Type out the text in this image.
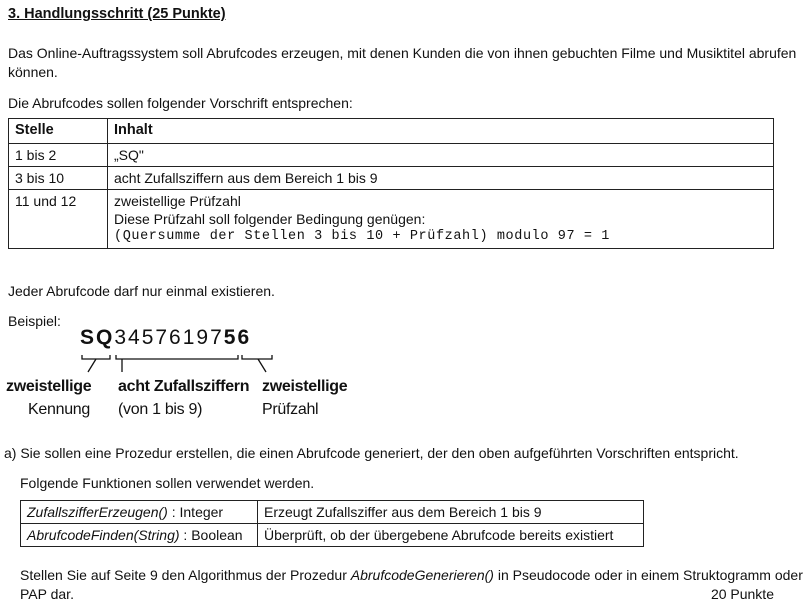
3. Handlungsschritt (25 Punkte)
Das Online-Auftragssystem soll Abrufcodes erzeugen, mit denen Kunden die von ihnen gebuchten Filme und Musiktitel abrufen
können.
Die Abrufcodes sollen folgender Vorschrift entsprechen:
Stelle	Inhalt
1 bis 2	„SQ"
3 bis 10	acht Zufallsziffern aus dem Bereich 1 bis 9
11 und 12	zweistellige Prüfzahl
Diese Prüfzahl soll folgender Bedingung genügen:
(Quersumme der Stellen 3 bis 10 + Prüfzahl) modulo 97 = 1
Jeder Abrufcode darf nur einmal existieren.
Beispiel:
SQ3457619756
zweistellige
Kennung
acht Zufallsziffern
(von 1 bis 9)
zweistellige
Prüfzahl
a) Sie sollen eine Prozedur erstellen, die einen Abrufcode generiert, der den oben aufgeführten Vorschriften entspricht.
Folgende Funktionen sollen verwendet werden.
ZufallszifferErzeugen() : Integer	Erzeugt Zufallsziffer aus dem Bereich 1 bis 9
AbrufcodeFinden(String) : Boolean	Überprüft, ob der übergebene Abrufcode bereits existiert
Stellen Sie auf Seite 9 den Algorithmus der Prozedur AbrufcodeGenerieren() in Pseudocode oder in einem Struktogramm oder
PAP dar.	20 Punkte
